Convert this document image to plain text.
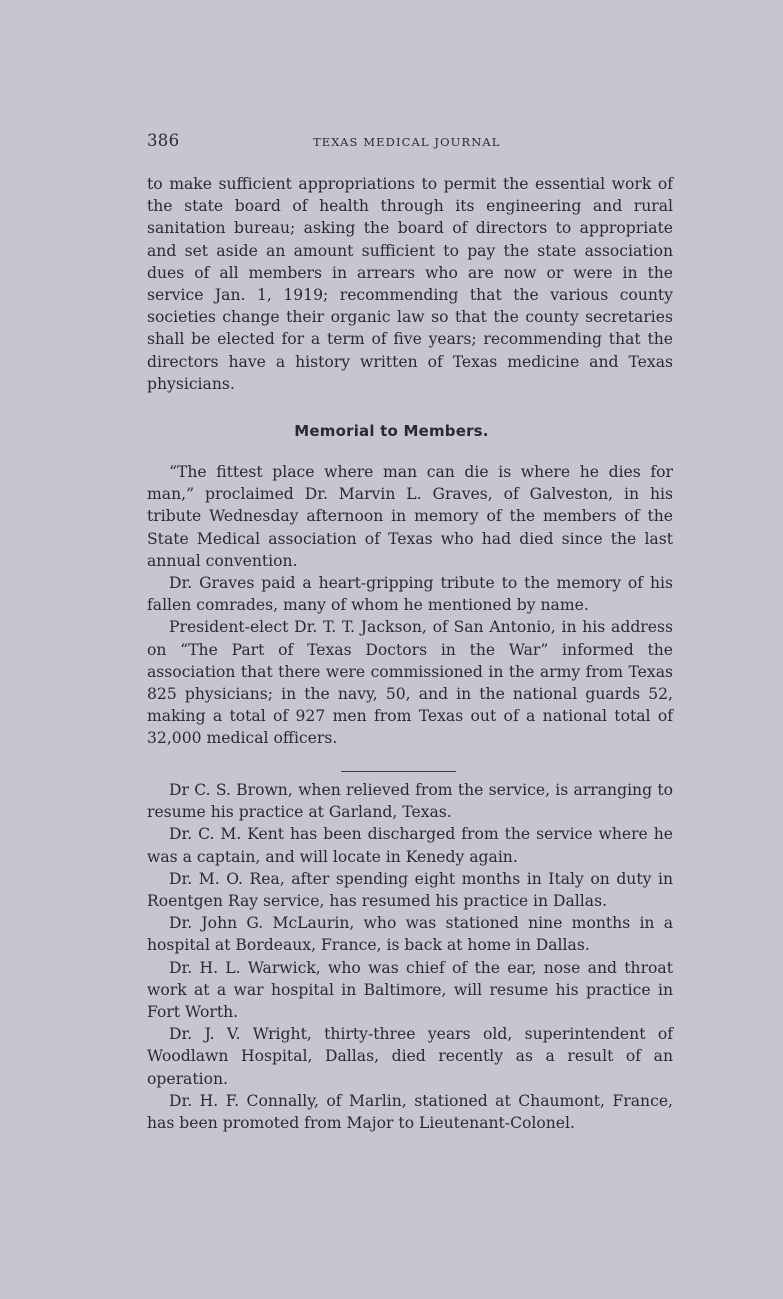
386	TEXAS MEDICAL JOURNAL

to make sufficient appropriations to permit the essential work of the state board of health through its engineering and rural sanitation bureau; asking the board of directors to appropriate and set aside an amount sufficient to pay the state association dues of all members in arrears who are now or were in the service Jan. 1, 1919; recommending that the various county societies change their organic law so that the county secretaries shall be elected for a term of five years; recommending that the directors have a history written of Texas medicine and Texas physicians.

Memorial to Members.

“The fittest place where man can die is where he dies for man,” proclaimed Dr. Marvin L. Graves, of Galveston, in his tribute Wednesday afternoon in memory of the members of the State Medical association of Texas who had died since the last annual convention.

Dr. Graves paid a heart-gripping tribute to the memory of his fallen comrades, many of whom he mentioned by name.

President-elect Dr. T. T. Jackson, of San Antonio, in his address on “The Part of Texas Doctors in the War” informed the association that there were commissioned in the army from Texas 825 physicians; in the navy, 50, and in the national guards 52, making a total of 927 men from Texas out of a national total of 32,000 medical officers.

Dr C. S. Brown, when relieved from the service, is arranging to resume his practice at Garland, Texas.

Dr. C. M. Kent has been discharged from the service where he was a captain, and will locate in Kenedy again.

Dr. M. O. Rea, after spending eight months in Italy on duty in Roentgen Ray service, has resumed his practice in Dallas.

Dr. John G. McLaurin, who was stationed nine months in a hospital at Bordeaux, France, is back at home in Dallas.

Dr. H. L. Warwick, who was chief of the ear, nose and throat work at a war hospital in Baltimore, will resume his practice in Fort Worth.

Dr. J. V. Wright, thirty-three years old, superintendent of Woodlawn Hospital, Dallas, died recently as a result of an operation.

Dr. H. F. Connally, of Marlin, stationed at Chaumont, France, has been promoted from Major to Lieutenant-Colonel.
